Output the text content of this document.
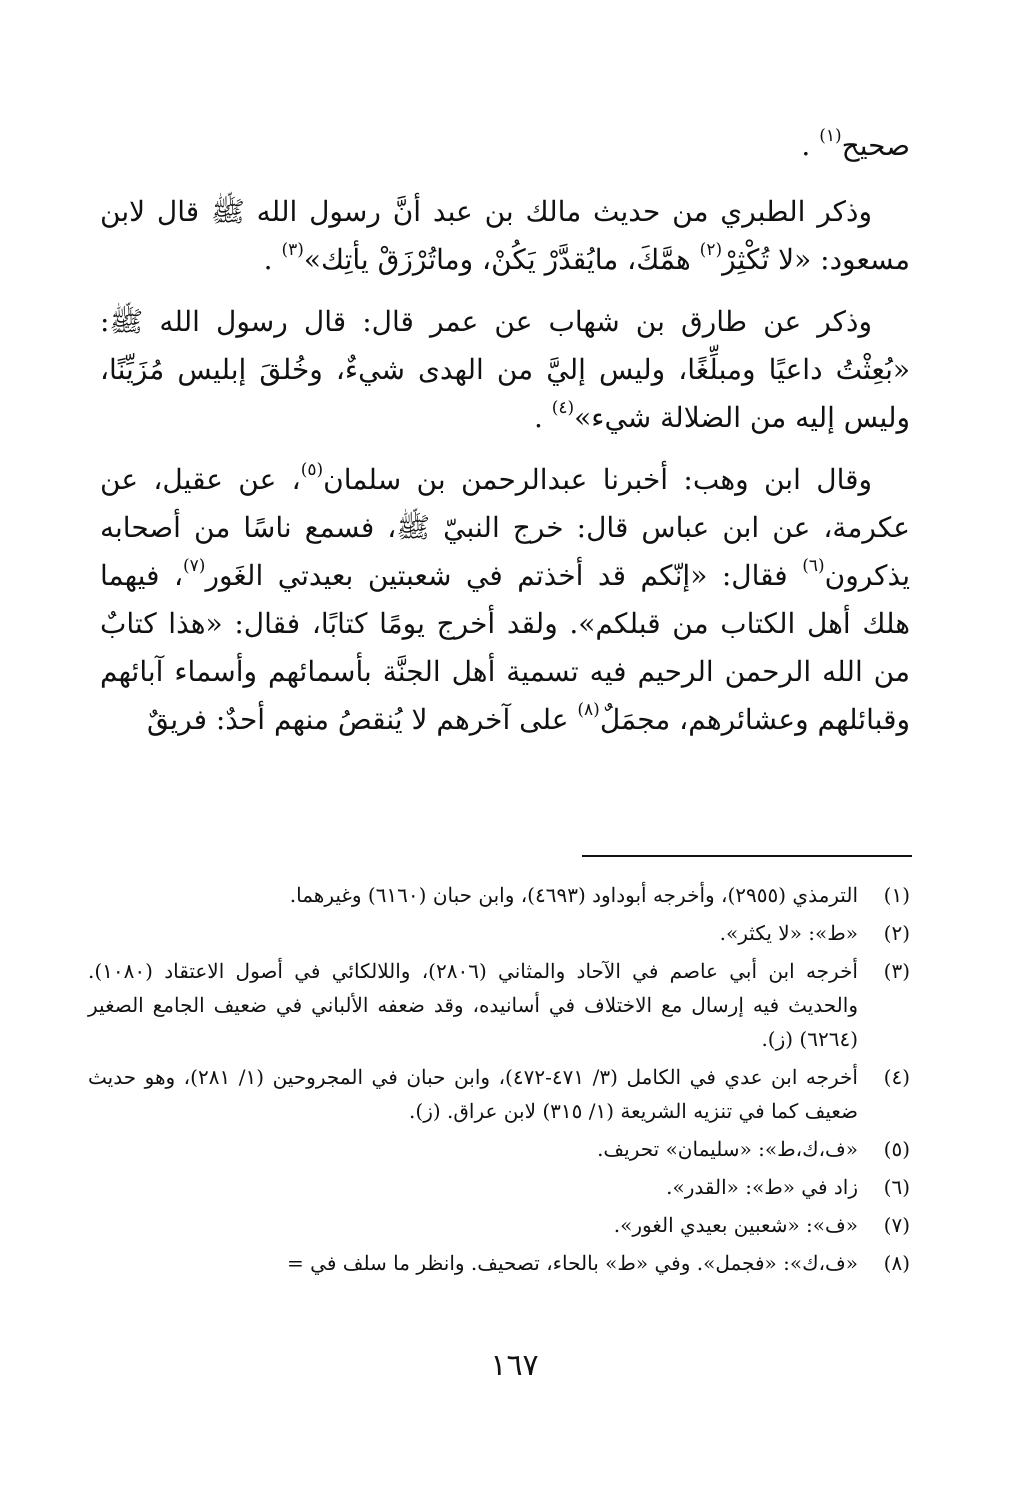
صحيح$^{(١)}$ .

وذكر الطبري من حديث مالك بن عبد أنَّ رسول الله ﷺ قال لابن مسعود: «لا تُكْثِرْ$^{(٢)}$ همَّكَ، مايُقدَّرْ يَكُنْ، وماتُرْزَقْ يأتِك»$^{(٣)}$ .

وذكر عن طارق بن شهاب عن عمر قال: قال رسول الله ﷺ: «بُعِثْتُ داعيًا ومبلِّغًا، وليس إليَّ من الهدى شيءٌ، وخُلقَ إبليس مُزَيِّنًا، وليس إليه من الضلالة شيء»$^{(٤)}$ .

وقال ابن وهب: أخبرنا عبدالرحمن بن سلمان$^{(٥)}$، عن عقيل، عن عكرمة، عن ابن عباس قال: خرج النبيّ ﷺ، فسمع ناسًا من أصحابه يذكرون$^{(٦)}$ فقال: «إنّكم قد أخذتم في شعبتين بعيدتي الغَور$^{(٧)}$، فيهما هلك أهل الكتاب من قبلكم». ولقد أخرج يومًا كتابًا، فقال: «هذا كتابٌ من الله الرحمن الرحيم فيه تسمية أهل الجنَّة بأسمائهم وأسماء آبائهم وقبائلهم وعشائرهم، مجمَلٌ$^{(٨)}$ على آخرهم لا يُنقصُ منهم أحدٌ: فريقٌ

(١)
الترمذي (٢٩٥٥)، وأخرجه أبوداود (٤٦٩٣)، وابن حبان (٦١٦٠) وغيرهما.
(٢)
«ط»: «لا يكثر».
(٣)
أخرجه ابن أبي عاصم في الآحاد والمثاني (٢٨٠٦)، واللالكائي في أصول الاعتقاد (١٠٨٠). والحديث فيه إرسال مع الاختلاف في أسانيده، وقد ضعفه الألباني في ضعيف الجامع الصغير (٦٢٦٤) (ز).
(٤)
أخرجه ابن عدي في الكامل (٣/ ٤٧١-٤٧٢)، وابن حبان في المجروحين (١/ ٢٨١)، وهو حديث ضعيف كما في تنزيه الشريعة (١/ ٣١٥) لابن عراق. (ز).
(٥)
«ف،ك،ط»: «سليمان» تحريف.
(٦)
زاد في «ط»: «القدر».
(٧)
«ف»: «شعبين بعيدي الغور».
(٨)
«ف،ك»: «فجمل». وفي «ط» بالحاء، تصحيف. وانظر ما سلف في =
١٦٧
